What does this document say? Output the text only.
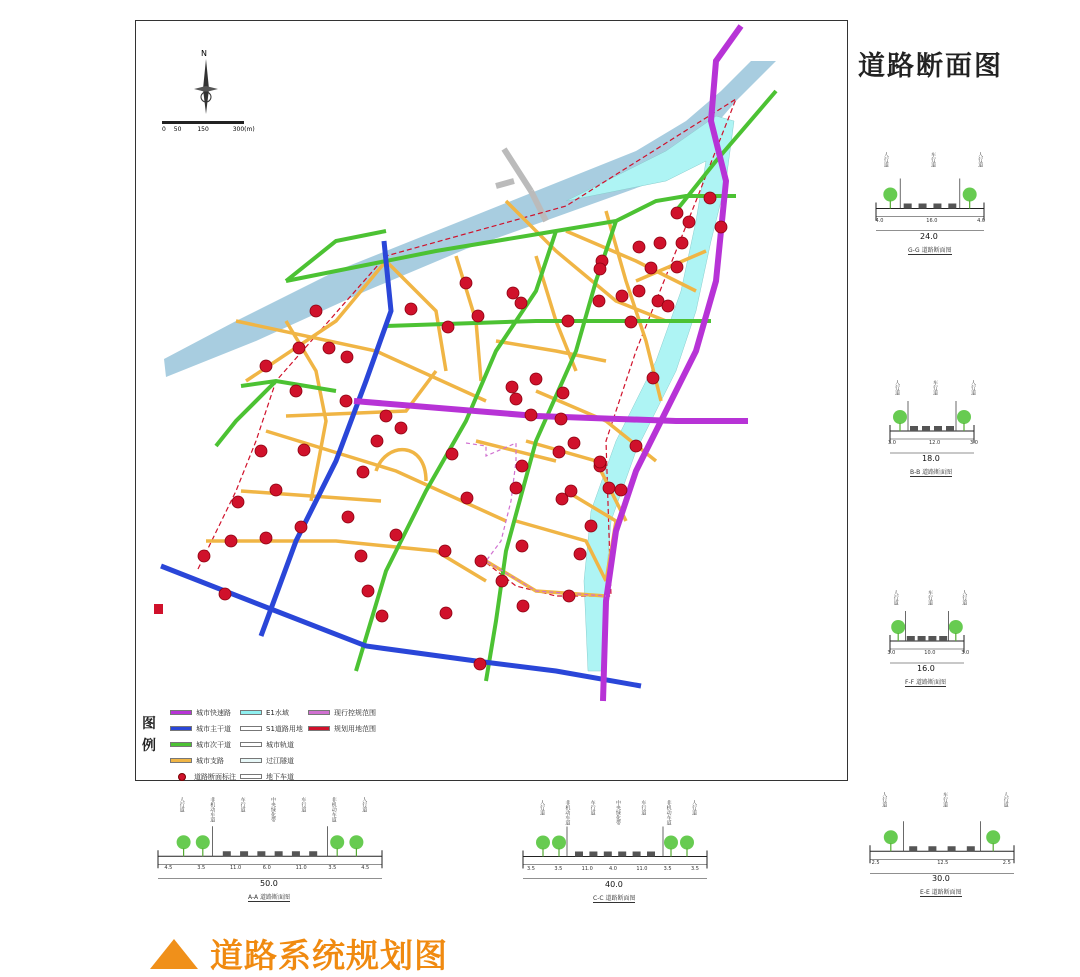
N
0 50	150	300(m)
图例
城市快速路
城市主干道
城市次干道
城市支路
道路断面标注
E1水域
S1道路用地
城市轨道
过江隧道
地下车道
现行控规范围
规划用地范围
道路断面图
人行道	车行道	人行道
4.0	16.0	4.0
24.0
G-G 道路断面图
人行道	车行道	人行道
3.0	12.0	3.0
18.0
B-B 道路断面图
人行道	车行道	人行道
3.0	10.0	3.0
16.0
F-F 道路断面图
人行道	非机动车道	车行道	中央绿化带	车行道	非机动车道	人行道
4.5	3.5	11.0	6.0	11.0	3.5	4.5
50.0
A-A 道路断面图
人行道	非机动车道	车行道	中央绿化带	车行道	非机动车道	人行道
3.5	3.5	11.0	4.0	11.0	3.5	3.5
40.0
C-C 道路断面图
人行道	车行道	人行道
2.5	12.5	2.5
30.0
E-E 道路断面图
道路系统规划图
